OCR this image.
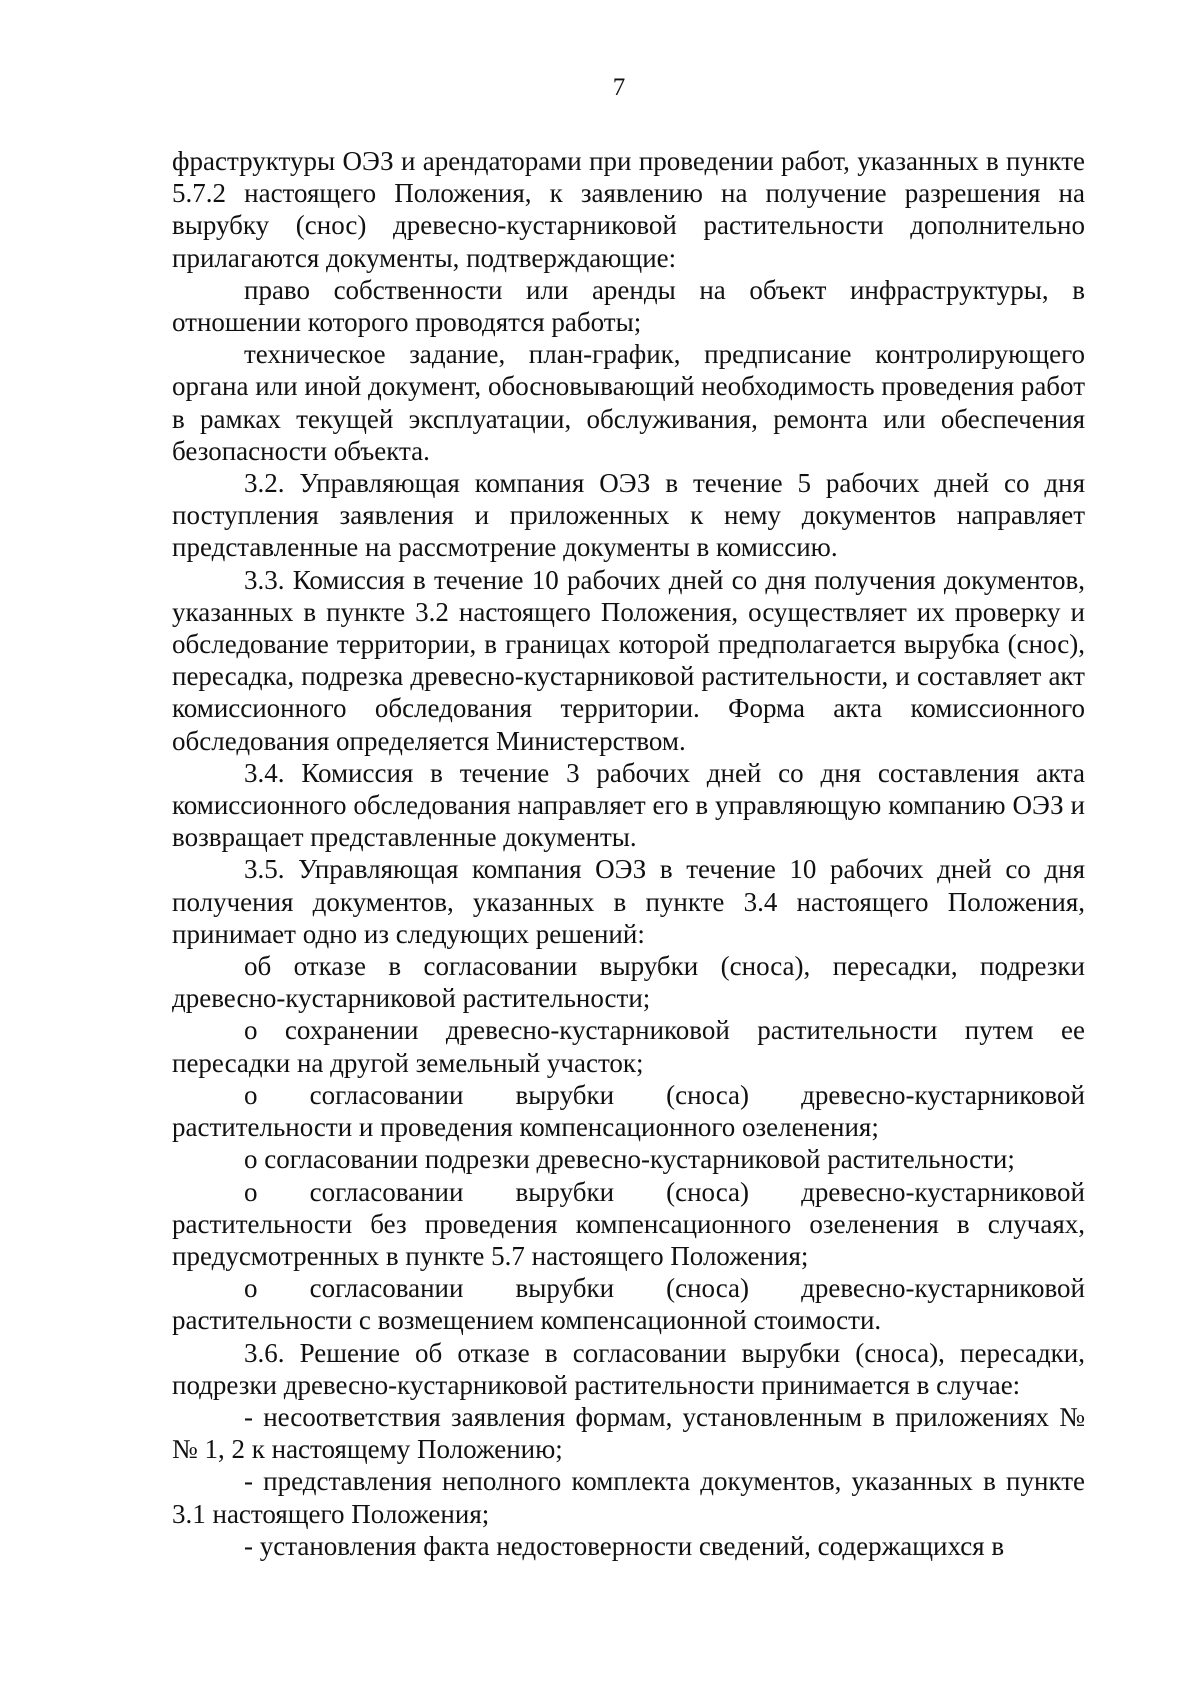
7

фраструктуры ОЭЗ и арендаторами при проведении работ, указанных в пункте 5.7.2 настоящего Положения, к заявлению на получение разрешения на вырубку (снос) древесно-кустарниковой растительности дополнительно прилагаются документы, подтверждающие:

право собственности или аренды на объект инфраструктуры, в отношении которого проводятся работы;

техническое задание, план-график, предписание контролирующего органа или иной документ, обосновывающий необходимость проведения работ в рамках текущей эксплуатации, обслуживания, ремонта или обеспечения безопасности объекта.

3.2. Управляющая компания ОЭЗ в течение 5 рабочих дней со дня поступления заявления и приложенных к нему документов направляет представленные на рассмотрение документы в комиссию.

3.3. Комиссия в течение 10 рабочих дней со дня получения документов, указанных в пункте 3.2 настоящего Положения, осуществляет их проверку и обследование территории, в границах которой предполагается вырубка (снос), пересадка, подрезка древесно-кустарниковой растительности, и составляет акт комиссионного обследования территории. Форма акта комиссионного обследования определяется Министерством.

3.4. Комиссия в течение 3 рабочих дней со дня составления акта комиссионного обследования направляет его в управляющую компанию ОЭЗ и возвращает представленные документы.

3.5. Управляющая компания ОЭЗ в течение 10 рабочих дней со дня получения документов, указанных в пункте 3.4 настоящего Положения, принимает одно из следующих решений:

об отказе в согласовании вырубки (сноса), пересадки, подрезки древесно-кустарниковой растительности;

о сохранении древесно-кустарниковой растительности путем ее пересадки на другой земельный участок;

о согласовании вырубки (сноса) древесно-кустарниковой растительности и проведения компенсационного озеленения;

о согласовании подрезки древесно-кустарниковой растительности;

о согласовании вырубки (сноса) древесно-кустарниковой растительности без проведения компенсационного озеленения в случаях, предусмотренных в пункте 5.7 настоящего Положения;

о согласовании вырубки (сноса) древесно-кустарниковой растительности с возмещением компенсационной стоимости.

3.6. Решение об отказе в согласовании вырубки (сноса), пересадки, подрезки древесно-кустарниковой растительности принимается в случае:

- несоответствия заявления формам, установленным в приложениях №№ 1, 2 к настоящему Положению;

- представления неполного комплекта документов, указанных в пункте 3.1 настоящего Положения;

- установления факта недостоверности сведений, содержащихся в
